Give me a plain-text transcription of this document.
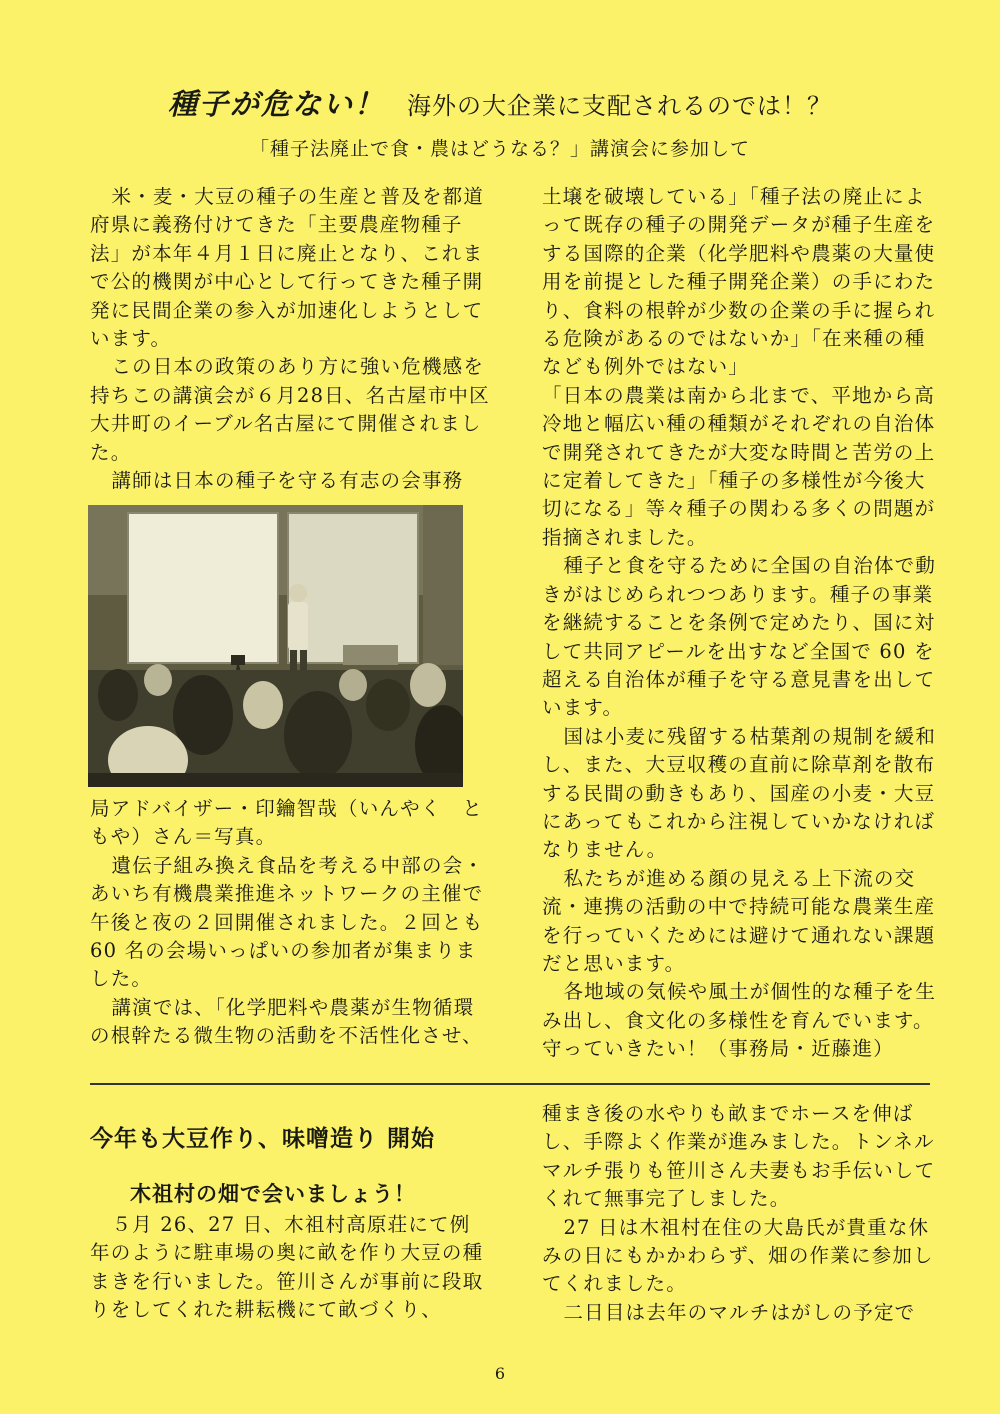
種子が危ない！ 海外の大企業に支配されるのでは！？
「種子法廃止で食・農はどうなる？」講演会に参加して

米・麦・大豆の種子の生産と普及を都道府県に義務付けてきた「主要農産物種子法」が本年４月１日に廃止となり、これまで公的機関が中心として行ってきた種子開発に民間企業の参入が加速化しようとしています。

この日本の政策のあり方に強い危機感を持ちこの講演会が６月28日、名古屋市中区大井町のイーブル名古屋にて開催されました。

講師は日本の種子を守る有志の会事務

局アドバイザー・印鑰智哉（いんやく　ともや）さん＝写真。

遺伝子組み換え食品を考える中部の会・あいち有機農業推進ネットワークの主催で午後と夜の２回開催されました。２回とも 60 名の会場いっぱいの参加者が集まりました。

講演では、「化学肥料や農薬が生物循環の根幹たる微生物の活動を不活性化させ、

土壌を破壊している」「種子法の廃止によって既存の種子の開発データが種子生産をする国際的企業（化学肥料や農薬の大量使用を前提とした種子開発企業）の手にわたり、食料の根幹が少数の企業の手に握られる危険があるのではないか」「在来種の種なども例外ではない」

「日本の農業は南から北まで、平地から高冷地と幅広い種の種類がそれぞれの自治体で開発されてきたが大変な時間と苦労の上に定着してきた」「種子の多様性が今後大切になる」等々種子の関わる多くの問題が指摘されました。

種子と食を守るために全国の自治体で動きがはじめられつつあります。種子の事業を継続することを条例で定めたり、国に対して共同アピールを出すなど全国で 60 を超える自治体が種子を守る意見書を出しています。

国は小麦に残留する枯葉剤の規制を緩和し、また、大豆収穫の直前に除草剤を散布する民間の動きもあり、国産の小麦・大豆にあってもこれから注視していかなければなりません。

私たちが進める顔の見える上下流の交流・連携の活動の中で持続可能な農業生産を行っていくためには避けて通れない課題だと思います。

各地域の気候や風土が個性的な種子を生み出し、食文化の多様性を育んでいます。守っていきたい！（事務局・近藤進）

今年も大豆作り、味噌造り 開始
木祖村の畑で会いましょう！

５月 26、27 日、木祖村高原荘にて例年のように駐車場の奥に畝を作り大豆の種まきを行いました。笹川さんが事前に段取りをしてくれた耕耘機にて畝づくり、

種まき後の水やりも畝までホースを伸ばし、手際よく作業が進みました。トンネルマルチ張りも笹川さん夫妻もお手伝いしてくれて無事完了しました。

27 日は木祖村在住の大島氏が貴重な休みの日にもかかわらず、畑の作業に参加してくれました。

二日目は去年のマルチはがしの予定で

6
